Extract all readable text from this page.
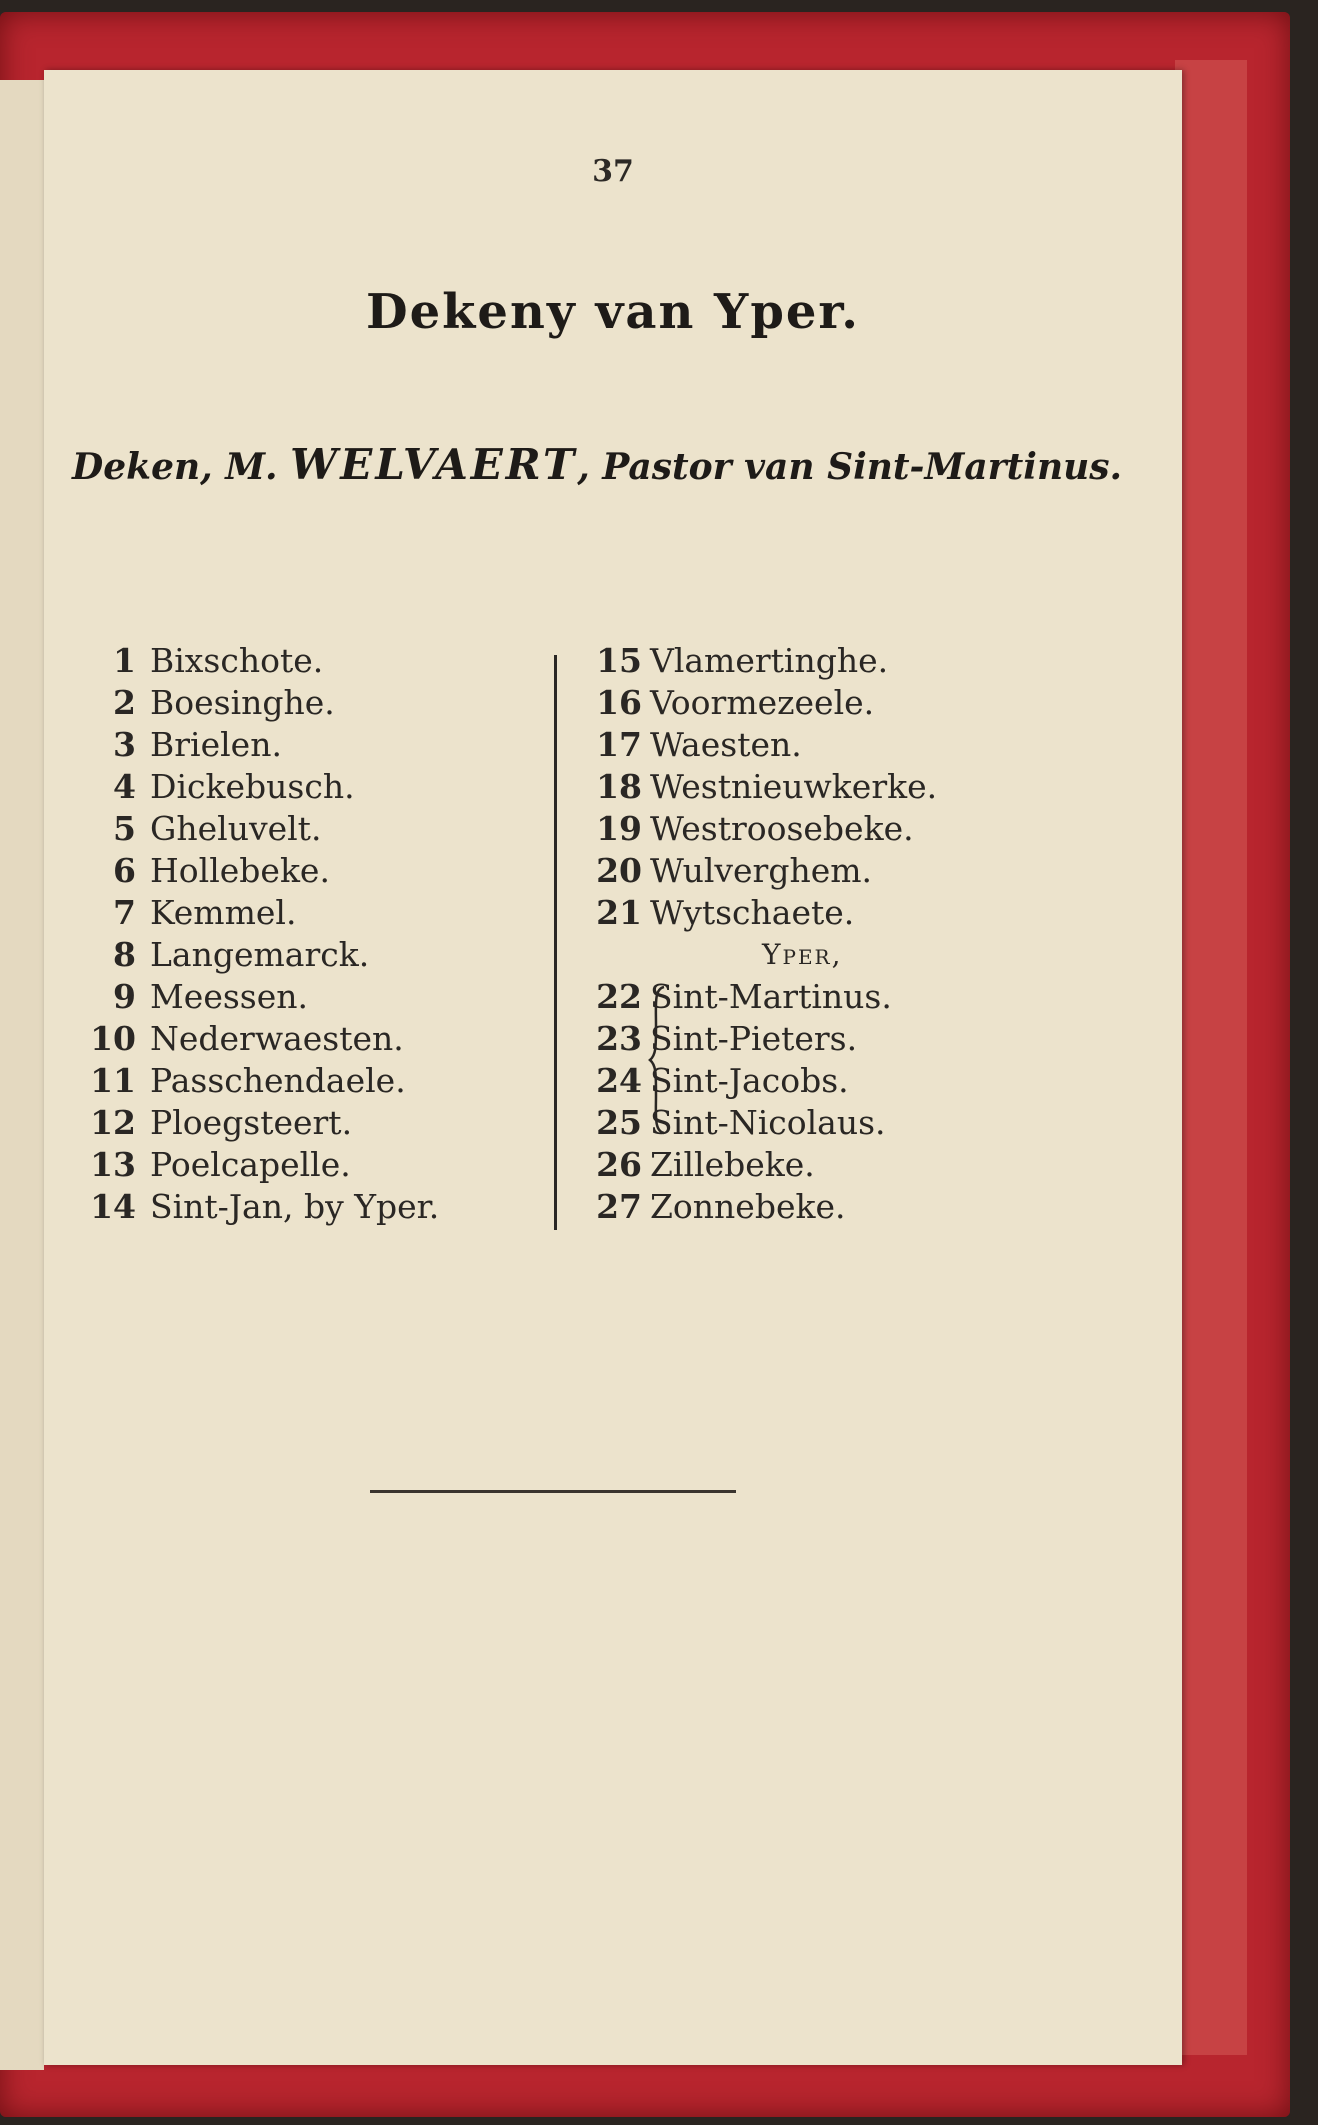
37
Dekeny van Yper.
Deken, M. WELVAERT, Pastor van Sint-Martinus.
1 Bixschote.
2 Boesinghe.
3 Brielen.
4 Dickebusch.
5 Gheluvelt.
6 Hollebeke.
7 Kemmel.
8 Langemarck.
9 Meessen.
10 Nederwaesten.
11 Passchendaele.
12 Ploegsteert.
13 Poelcapelle.
14 Sint-Jan, by Yper.
15 Vlamertinghe.
16 Voormezeele.
17 Waesten.
18 Westnieuwkerke.
19 Westroosebeke.
20 Wulverghem.
21 Wytschaete.
Yper,
22 Sint-Martinus.
23 Sint-Pieters.
24 Sint-Jacobs.
25 Sint-Nicolaus.
26 Zillebeke.
27 Zonnebeke.
